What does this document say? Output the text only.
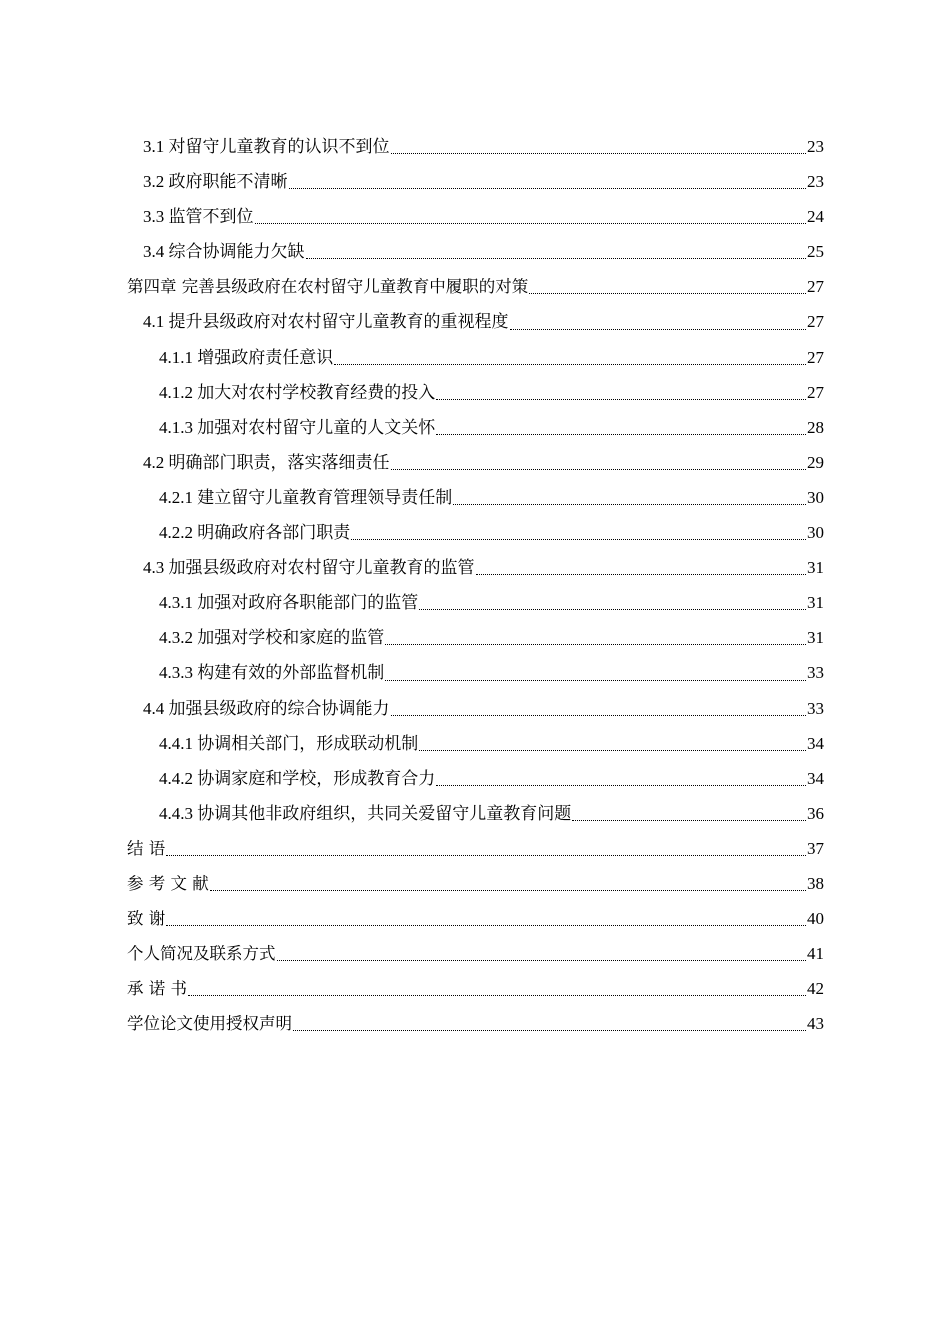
3.1 对留守儿童教育的认识不到位	23
3.2 政府职能不清晰	23
3.3 监管不到位	24
3.4 综合协调能力欠缺	25
第四章 完善县级政府在农村留守儿童教育中履职的对策	27
4.1 提升县级政府对农村留守儿童教育的重视程度	27
4.1.1 增强政府责任意识	27
4.1.2 加大对农村学校教育经费的投入	27
4.1.3 加强对农村留守儿童的人文关怀	28
4.2 明确部门职责，落实落细责任	29
4.2.1 建立留守儿童教育管理领导责任制	30
4.2.2 明确政府各部门职责	30
4.3 加强县级政府对农村留守儿童教育的监管	31
4.3.1 加强对政府各职能部门的监管	31
4.3.2 加强对学校和家庭的监管	31
4.3.3 构建有效的外部监督机制	33
4.4 加强县级政府的综合协调能力	33
4.4.1 协调相关部门，形成联动机制	34
4.4.2 协调家庭和学校，形成教育合力	34
4.4.3 协调其他非政府组织，共同关爱留守儿童教育问题	36
结 语	37
参 考 文 献	38
致 谢	40
个人简况及联系方式	41
承 诺 书	42
学位论文使用授权声明	43
